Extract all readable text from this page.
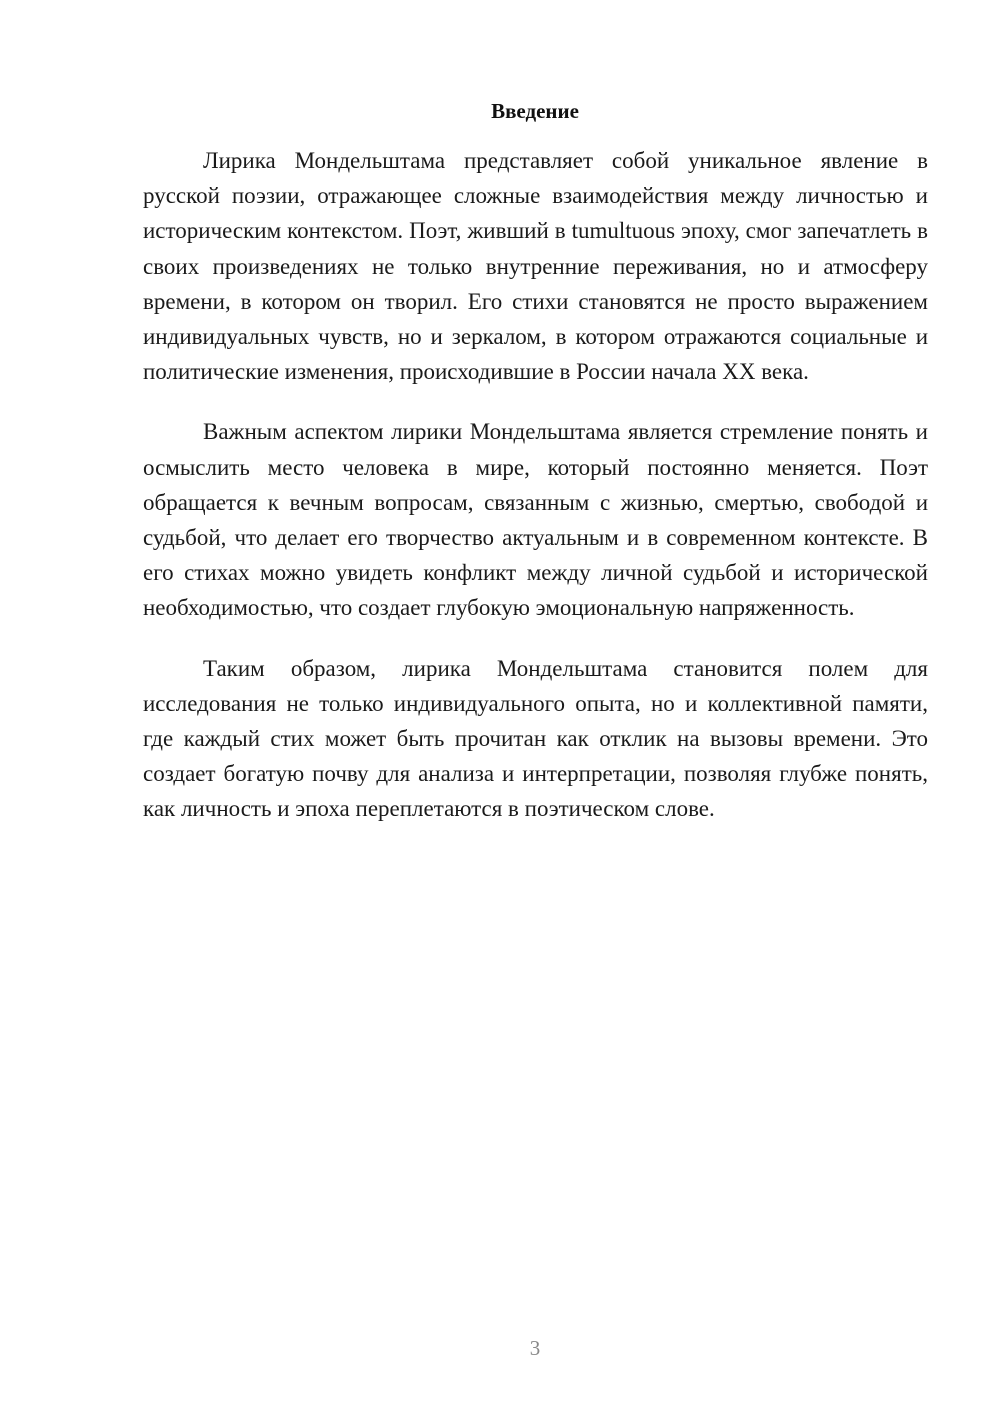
Введение

Лирика Мондельштама представляет собой уникальное явление в русской поэзии, отражающее сложные взаимодействия между личностью и историческим контекстом. Поэт, живший в tumultuous эпоху, смог запечатлеть в своих произведениях не только внутренние переживания, но и атмосферу времени, в котором он творил. Его стихи становятся не просто выражением индивидуальных чувств, но и зеркалом, в котором отражаются социальные и политические изменения, происходившие в России начала XX века.

Важным аспектом лирики Мондельштама является стремление понять и осмыслить место человека в мире, который постоянно меняется. Поэт обращается к вечным вопросам, связанным с жизнью, смертью, свободой и судьбой, что делает его творчество актуальным и в современном контексте. В его стихах можно увидеть конфликт между личной судьбой и исторической необходимостью, что создает глубокую эмоциональную напряженность.

Таким образом, лирика Мондельштама становится полем для исследования не только индивидуального опыта, но и коллективной памяти, где каждый стих может быть прочитан как отклик на вызовы времени. Это создает богатую почву для анализа и интерпретации, позволяя глубже понять, как личность и эпоха переплетаются в поэтическом слове.

3
